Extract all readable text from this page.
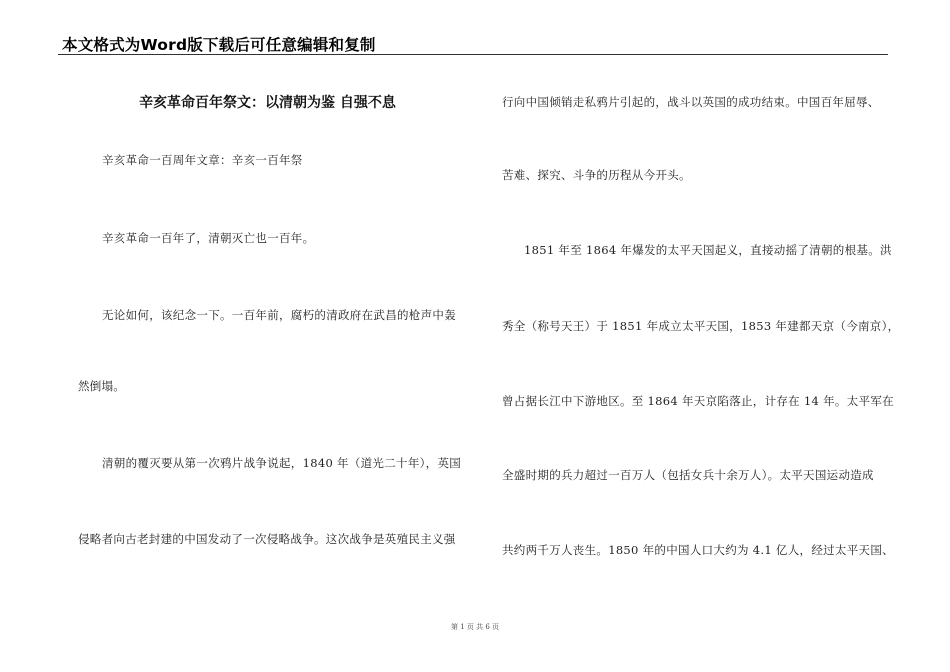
本文格式为Word版下载后可任意编辑和复制
辛亥革命百年祭文：以清朝为鉴 自强不息
辛亥革命一百周年文章：辛亥一百年祭
辛亥革命一百年了，清朝灭亡也一百年。
无论如何，该纪念一下。一百年前，腐朽的清政府在武昌的枪声中轰
然倒塌。
清朝的覆灭要从第一次鸦片战争说起，1840 年（道光二十年），英国
侵略者向古老封建的中国发动了一次侵略战争。这次战争是英殖民主义强
行向中国倾销走私鸦片引起的，战斗以英国的成功结束。中国百年屈辱、
苦难、探究、斗争的历程从今开头。
1851 年至 1864 年爆发的太平天国起义，直接动摇了清朝的根基。洪
秀全（称号天王）于 1851 年成立太平天国，1853 年建都天京（今南京），
曾占据长江中下游地区。至 1864 年天京陷落止，计存在 14 年。太平军在
全盛时期的兵力超过一百万人（包括女兵十余万人）。太平天国运动造成
共约两千万人丧生。1850 年的中国人口大约为 4.1 亿人，经过太平天国、
第 1 页 共 6 页
